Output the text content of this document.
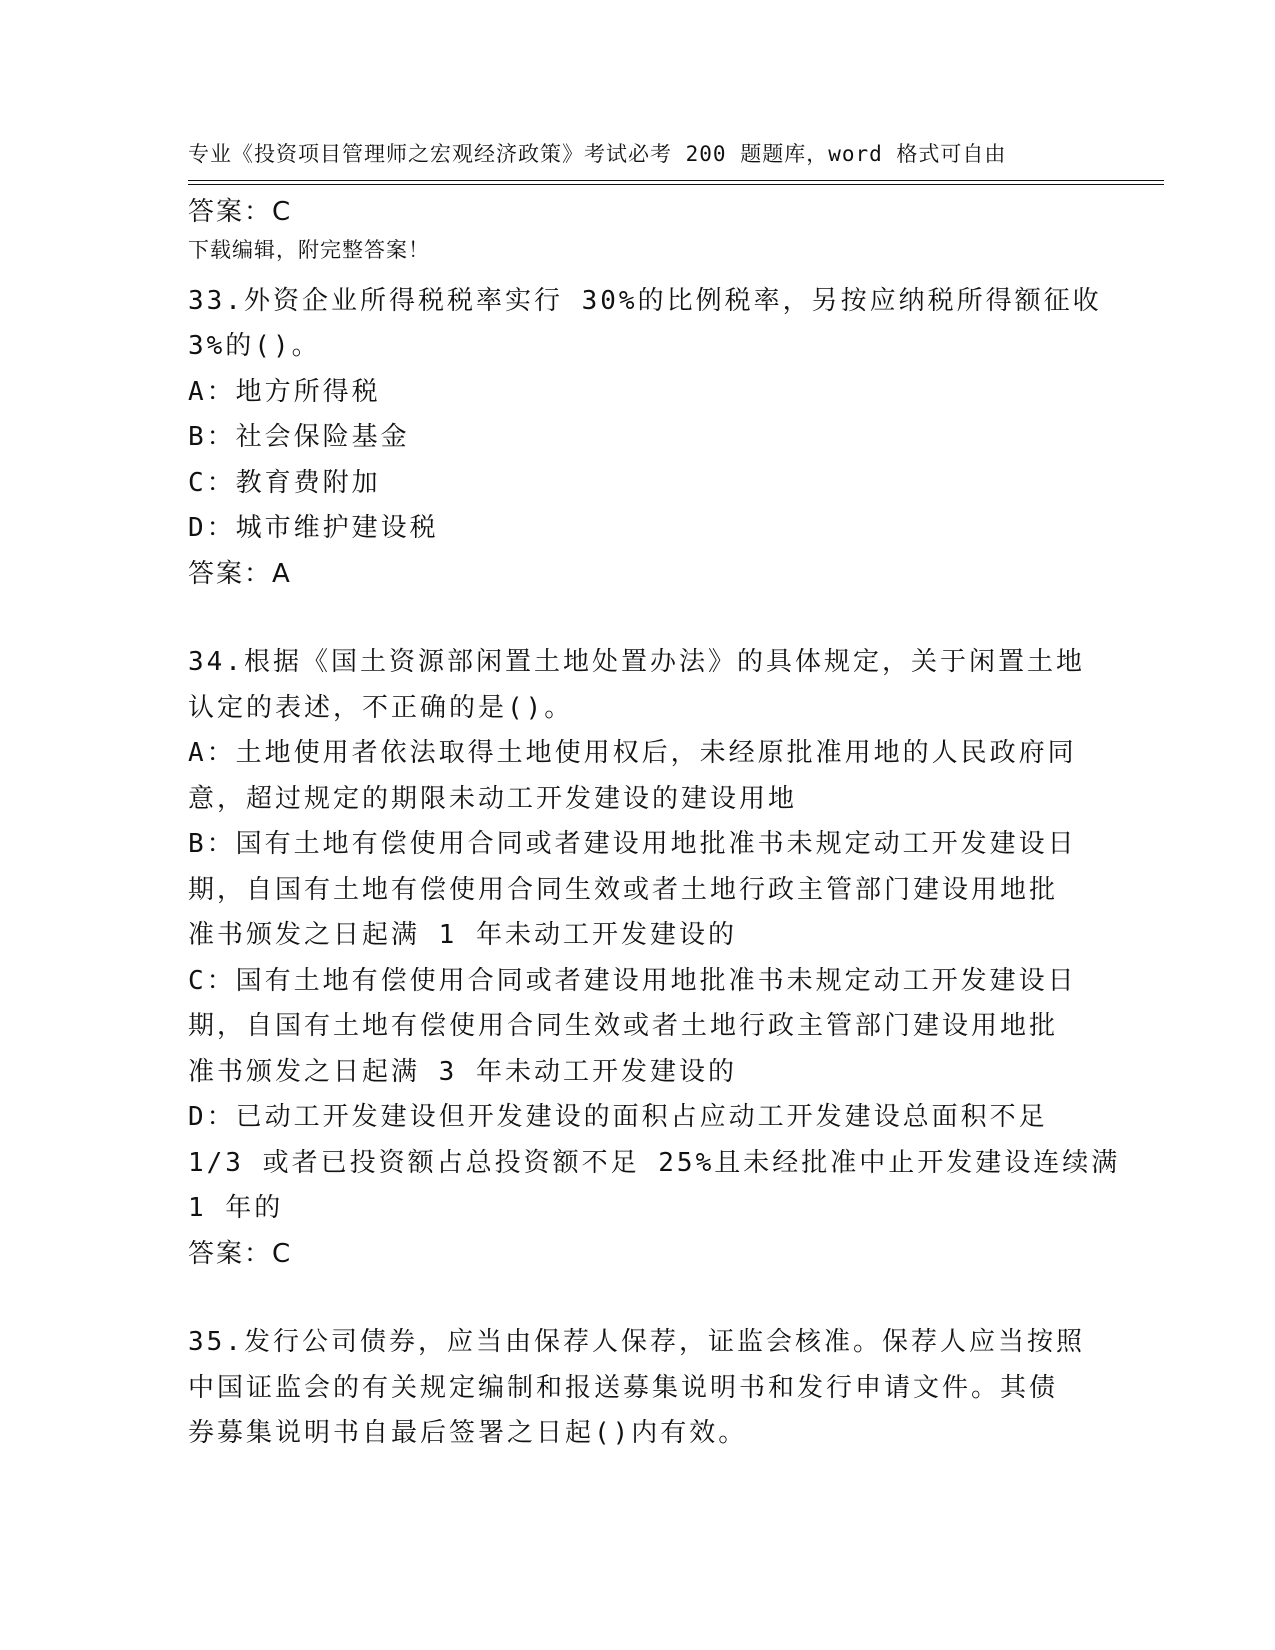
专业《投资项目管理师之宏观经济政策》考试必考 200 题题库，word 格式可自由

下载编辑，附完整答案！

答案：C

33.外资企业所得税税率实行 30%的比例税率，另按应纳税所得额征收

3%的()。

A：地方所得税

B：社会保险基金

C：教育费附加

D：城市维护建设税

答案：A

34.根据《国土资源部闲置土地处置办法》的具体规定，关于闲置土地

认定的表述，不正确的是()。

A：土地使用者依法取得土地使用权后，未经原批准用地的人民政府同

意，超过规定的期限未动工开发建设的建设用地

B：国有土地有偿使用合同或者建设用地批准书未规定动工开发建设日

期，自国有土地有偿使用合同生效或者土地行政主管部门建设用地批

准书颁发之日起满 1 年未动工开发建设的

C：国有土地有偿使用合同或者建设用地批准书未规定动工开发建设日

期，自国有土地有偿使用合同生效或者土地行政主管部门建设用地批

准书颁发之日起满 3 年未动工开发建设的

D：已动工开发建设但开发建设的面积占应动工开发建设总面积不足

1/3 或者已投资额占总投资额不足 25%且未经批准中止开发建设连续满

1 年的

答案：C

35.发行公司债券，应当由保荐人保荐，证监会核准。保荐人应当按照

中国证监会的有关规定编制和报送募集说明书和发行申请文件。其债

券募集说明书自最后签署之日起()内有效。
